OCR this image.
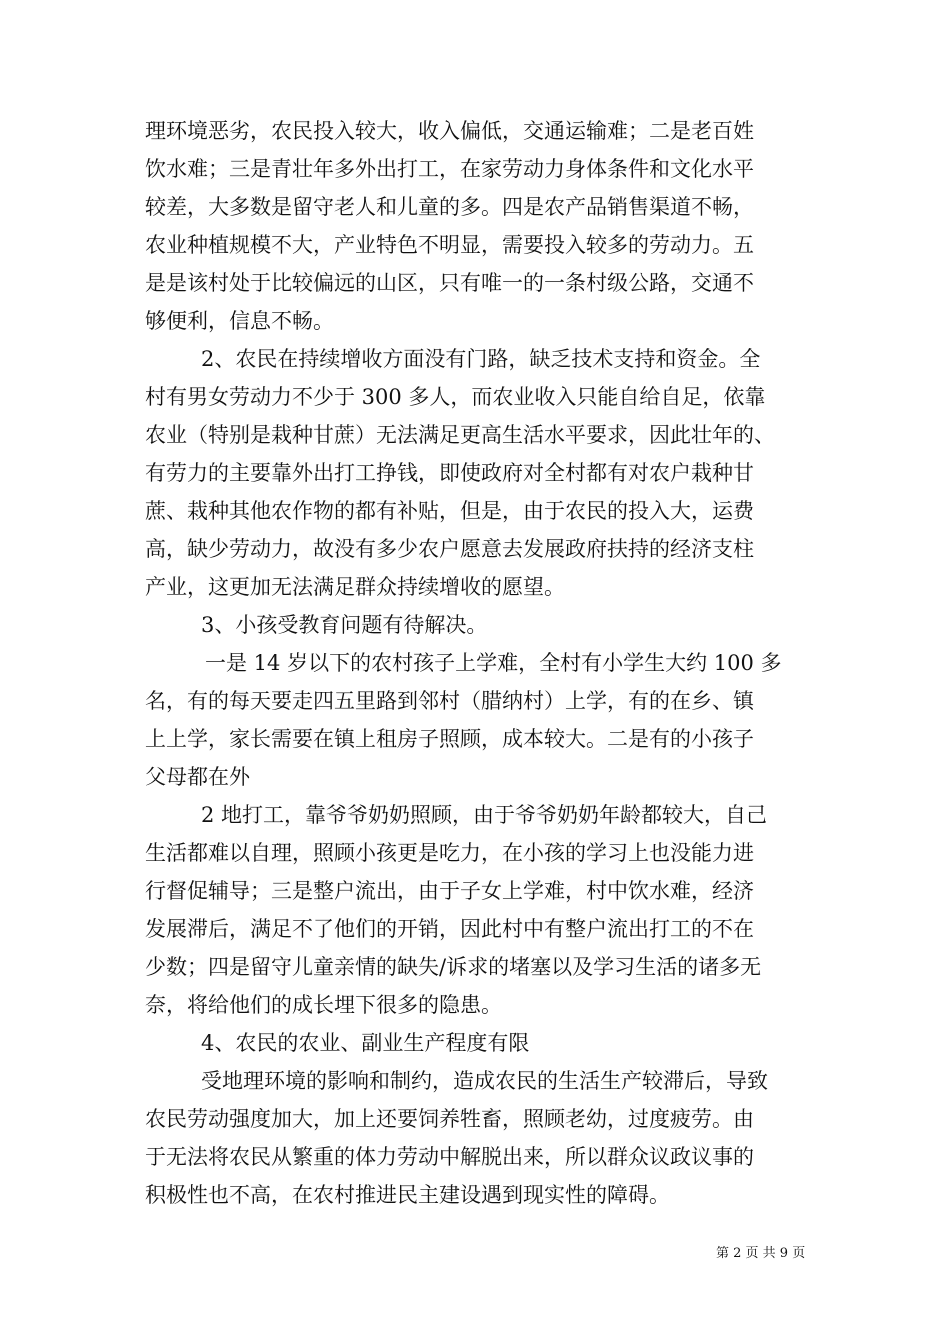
理环境恶劣，农民投入较大，收入偏低，交通运输难；二是老百姓
饮水难；三是青壮年多外出打工，在家劳动力身体条件和文化水平
较差，大多数是留守老人和儿童的多。四是农产品销售渠道不畅，
农业种植规模不大，产业特色不明显，需要投入较多的劳动力。五
是是该村处于比较偏远的山区，只有唯一的一条村级公路，交通不
够便利，信息不畅。
2、农民在持续增收方面没有门路，缺乏技术支持和资金。全
村有男女劳动力不少于 300 多人，而农业收入只能自给自足，依靠
农业（特别是栽种甘蔗）无法满足更高生活水平要求，因此壮年的、
有劳力的主要靠外出打工挣钱，即使政府对全村都有对农户栽种甘
蔗、栽种其他农作物的都有补贴，但是，由于农民的投入大，运费
高，缺少劳动力，故没有多少农户愿意去发展政府扶持的经济支柱
产业，这更加无法满足群众持续增收的愿望。
3、小孩受教育问题有待解决。
一是 14 岁以下的农村孩子上学难，全村有小学生大约 100 多
名，有的每天要走四五里路到邻村（腊纳村）上学，有的在乡、镇
上上学，家长需要在镇上租房子照顾，成本较大。二是有的小孩子
父母都在外
2 地打工，靠爷爷奶奶照顾，由于爷爷奶奶年龄都较大，自己
生活都难以自理，照顾小孩更是吃力，在小孩的学习上也没能力进
行督促辅导；三是整户流出，由于子女上学难，村中饮水难，经济
发展滞后，满足不了他们的开销，因此村中有整户流出打工的不在
少数；四是留守儿童亲情的缺失/诉求的堵塞以及学习生活的诸多无
奈，将给他们的成长埋下很多的隐患。
4、农民的农业、副业生产程度有限
受地理环境的影响和制约，造成农民的生活生产较滞后，导致
农民劳动强度加大，加上还要饲养牲畜，照顾老幼，过度疲劳。由
于无法将农民从繁重的体力劳动中解脱出来，所以群众议政议事的
积极性也不高，在农村推进民主建设遇到现实性的障碍。
第 2 页 共 9 页
